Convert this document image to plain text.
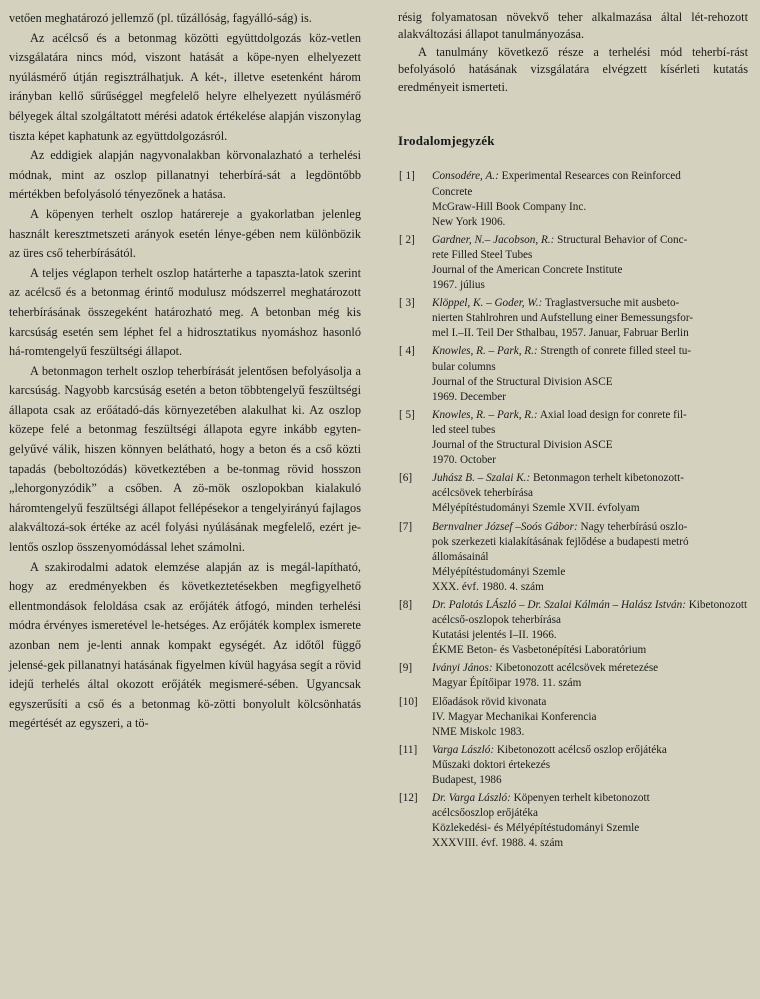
vetően meghatározó jellemző (pl. tűzállóság, fagyálló-ság) is.

Az acélcső és a betonmag közötti együttdolgozás köz-vetlen vizsgálatára nincs mód, viszont hatását a köpe-nyen elhelyezett nyúlásmérő útján regisztrálhatjuk. A két-, illetve esetenként három irányban kellő sűrűséggel megfelelő helyre elhelyezett nyúlásmérő bélyegek által szolgáltatott mérési adatok értékelése alapján viszonylag tiszta képet kaphatunk az együttdolgozásról.

Az eddigiek alapján nagyvonalakban körvonalazható a terhelési módnak, mint az oszlop pillanatnyi teherbírá-sát a legdöntőbb mértékben befolyásoló tényezőnek a hatása.

A köpenyen terhelt oszlop határereje a gyakorlatban jelenleg használt keresztmetszeti arányok esetén lénye-gében nem különbözik az üres cső teherbírásától.

A teljes véglapon terhelt oszlop határterhe a tapaszta-latok szerint az acélcső és a betonmag érintő modulusz módszerrel meghatározott teherbírásának összegeként határozható meg. A betonban még kis karcsúság esetén sem léphet fel a hidrosztatikus nyomáshoz hasonló há-romtengelyű feszültségi állapot.

A betonmagon terhelt oszlop teherbírását jelentősen befolyásolja a karcsúság. Nagyobb karcsúság esetén a beton többtengelyű feszültségi állapota csak az erőátadó-dás környezetében alakulhat ki. Az oszlop közepe felé a betonmag feszültségi állapota egyre inkább egyten-gelyűvé válik, hiszen könnyen belátható, hogy a beton és a cső közti tapadás (beboltozódás) következtében a be-tonmag rövid hosszon „lehorgonyzódik” a csőben. A zö-mök oszlopokban kialakuló háromtengelyű feszültségi állapot fellépésekor a tengelyirányú fajlagos alakváltozá-sok értéke az acél folyási nyúlásának megfelelő, ezért je-lentős oszlop összenyomódással lehet számolni.

A szakirodalmi adatok elemzése alapján az is megál-lapítható, hogy az eredményekben és következtetésekben megfigyelhető ellentmondások feloldása csak az erőjáték átfogó, minden terhelési módra érvényes ismeretével le-hetséges. Az erőjáték komplex ismerete azonban nem je-lenti annak kompakt egységét. Az időtől függő jelensé-gek pillanatnyi hatásának figyelmen kívül hagyása segít a rövid idejű terhelés által okozott erőjáték megismeré-sében. Ugyancsak egyszerűsíti a cső és a betonmag kö-zötti bonyolult kölcsönhatás megértését az egyszeri, a tö-

résig folyamatosan növekvő teher alkalmazása által lét-rehozott alakváltozási állapot tanulmányozása.

A tanulmány következő része a terhelési mód teherbí-rást befolyásoló hatásának vizsgálatára elvégzett kísérleti kutatás eredményeit ismerteti.

Irodalomjegyzék
[ 1] Consodére, A.: Experimental Researces con Reinforced
Concrete
McGraw-Hill Book Company Inc.
New York 1906.
[ 2] Gardner, N.– Jacobson, R.: Structural Behavior of Conc-
rete Filled Steel Tubes
Journal of the American Concrete Institute
1967. július
[ 3] Klöppel, K. – Goder, W.: Traglastversuche mit ausbeto-
nierten Stahlrohren und Aufstellung einer Bemessungsfor-
mel I.–II. Teil Der Sthalbau, 1957. Januar, Fabruar Berlin
[ 4] Knowles, R. – Park, R.: Strength of conrete filled steel tu-
bular columns
Journal of the Structural Division ASCE
1969. December
[ 5] Knowles, R. – Park, R.: Axial load design for conrete fil-
led steel tubes
Journal of the Structural Division ASCE
1970. October
[6] Juhász B. – Szalai K.: Betonmagon terhelt kibetonozott-
acélcsövek teherbírása
Mélyépítéstudományi Szemle XVII. évfolyam
[7] Bernvalner József –Soós Gábor: Nagy teherbírású oszlo-
pok szerkezeti kialakításának fejlődése a budapesti metró
állomásainál
Mélyépítéstudományi Szemle
XXX. évf. 1980. 4. szám
[8] Dr. Palotás LÁszló – Dr. Szalai Kálmán – Halász István: Kibetonozott acélcső-oszlopok teherbírása
Kutatási jelentés I–II. 1966.
ÉKME Beton- és Vasbetonépítési Laboratórium
[9] Iványi János: Kibetonozott acélcsövek méretezése
Magyar Építőipar 1978. 11. szám
[10] Előadások rövid kivonata
IV. Magyar Mechanikai Konferencia
NME Miskolc 1983.
[11] Varga László: Kibetonozott acélcső oszlop erőjátéka
Műszaki doktori értekezés
Budapest, 1986
[12] Dr. Varga László: Köpenyen terhelt kibetonozott
acélcsőoszlop erőjátéka
Közlekedési- és Mélyépítéstudományi Szemle
XXXVIII. évf. 1988. 4. szám
